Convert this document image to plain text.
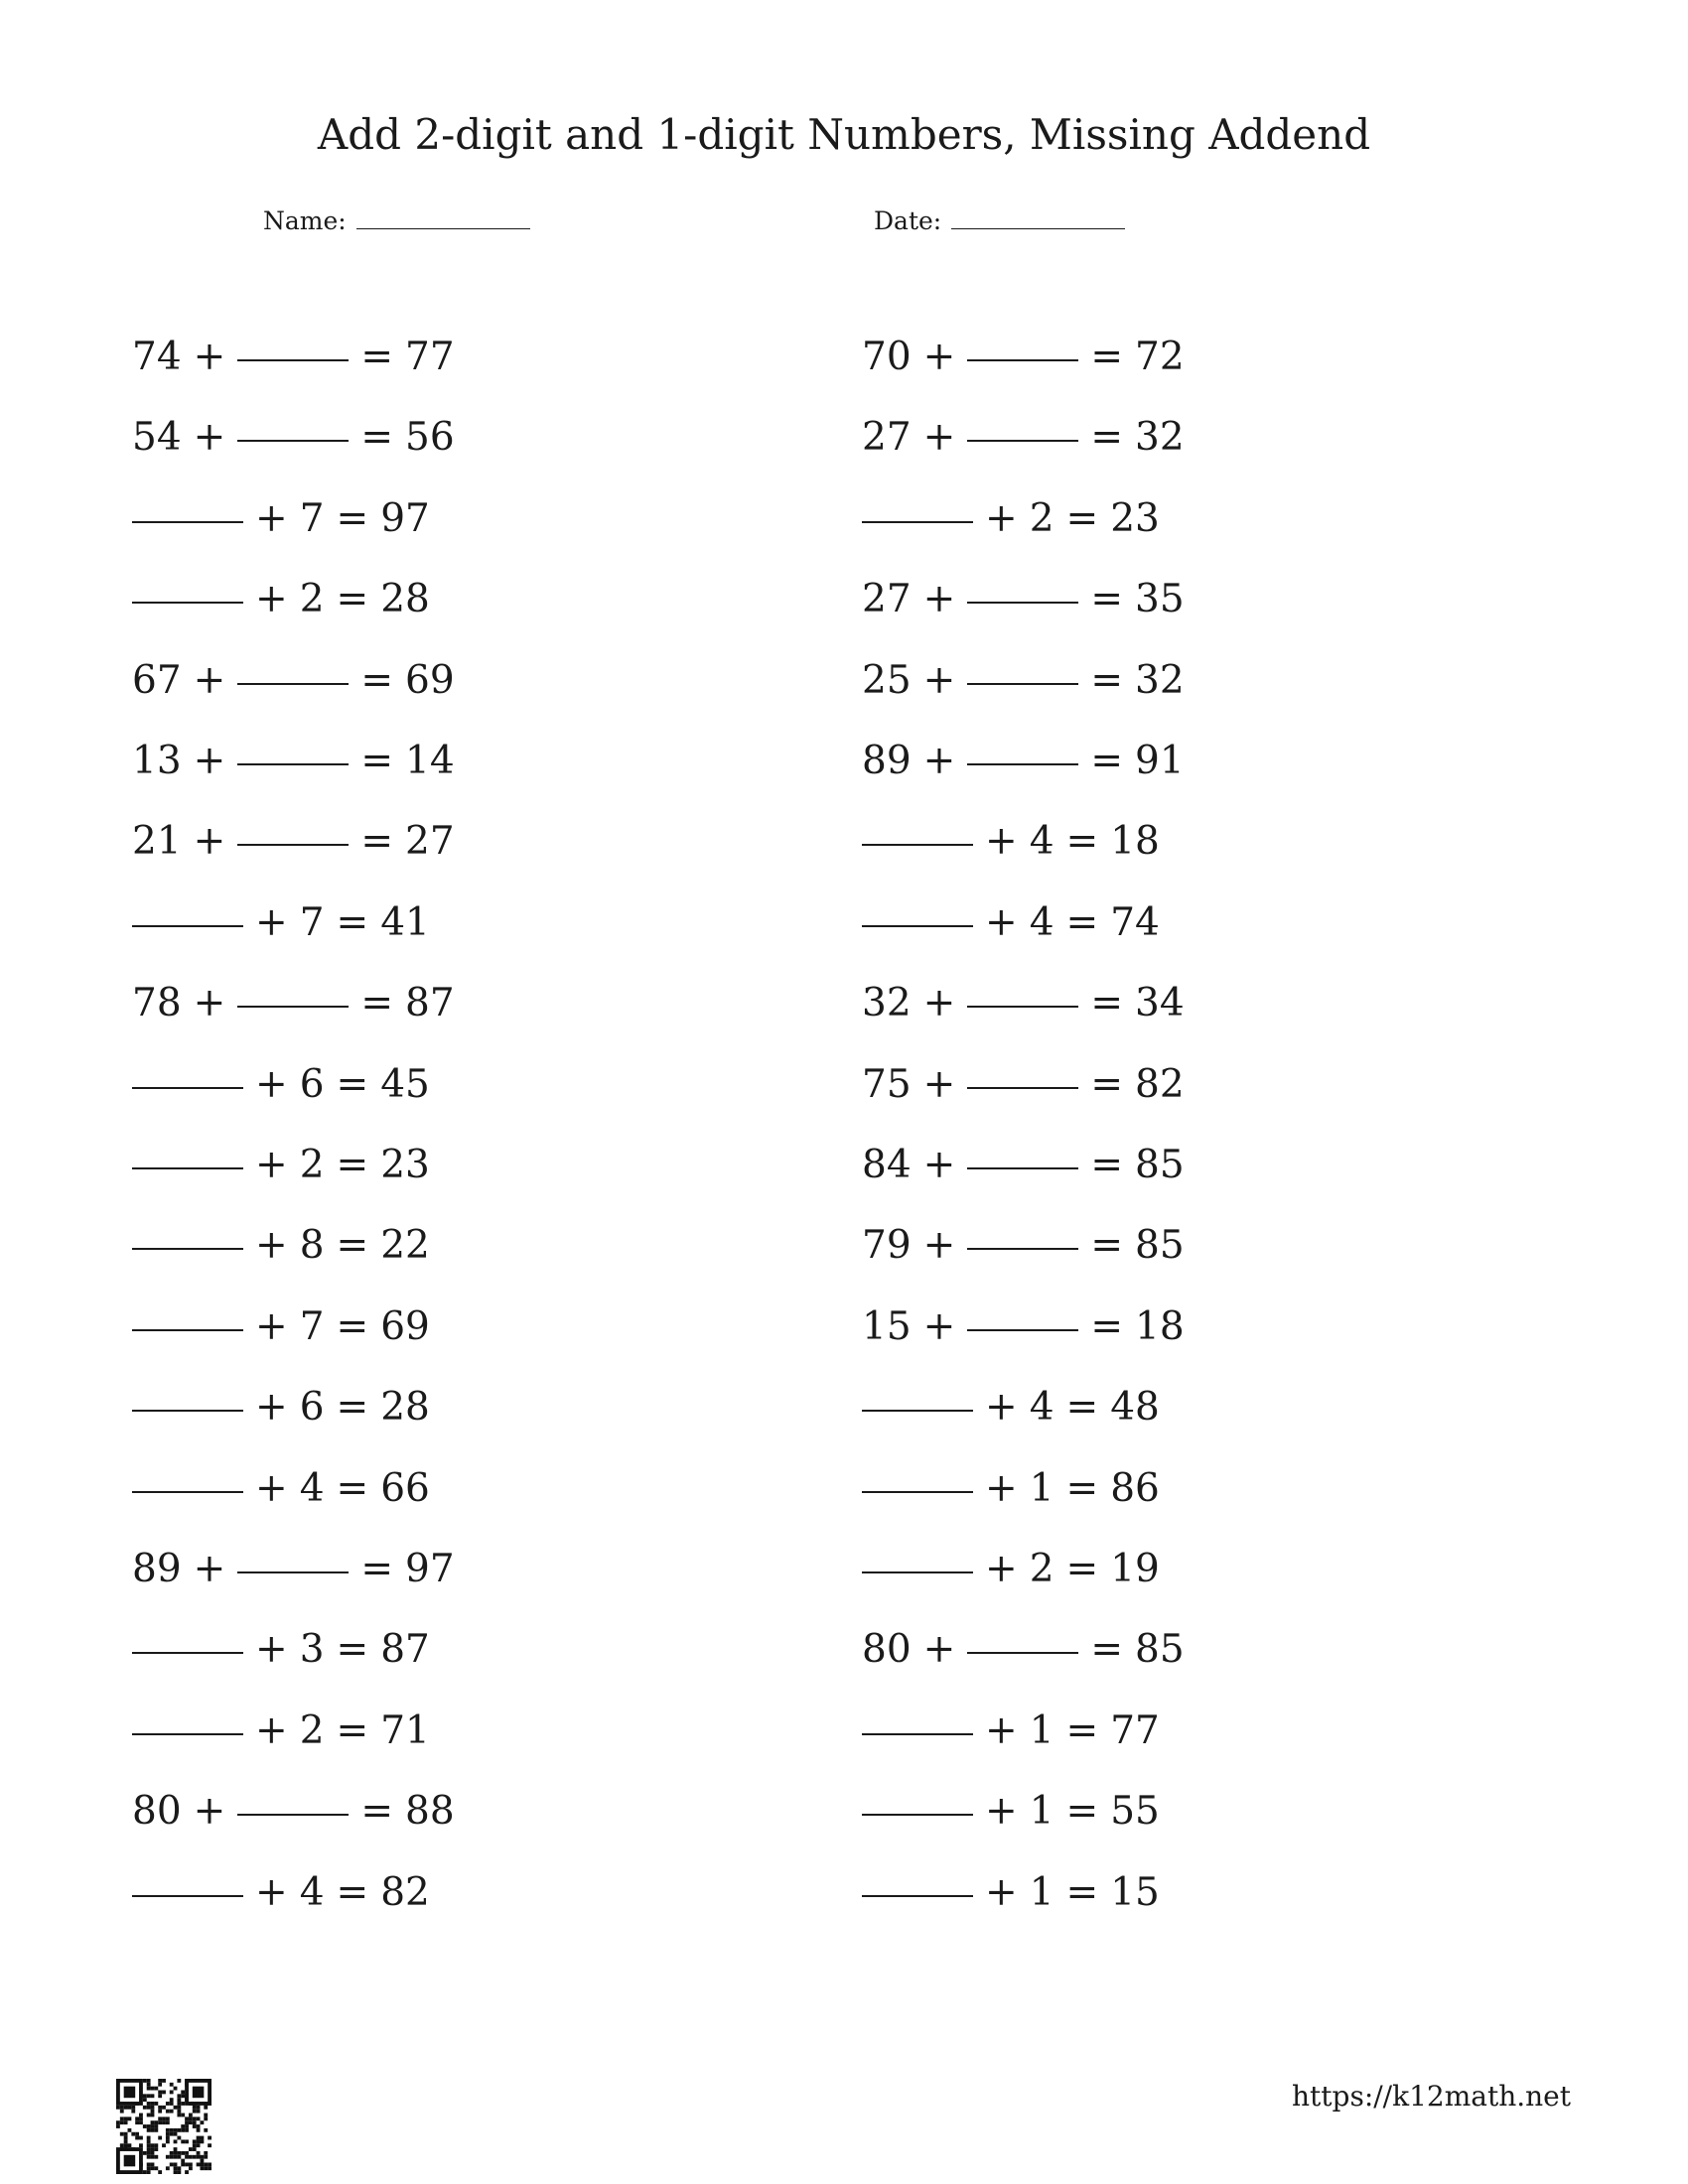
Add 2-digit and 1-digit Numbers, Missing Addend
Name:	Date:
74 +	= 77
54 +	= 56
+ 7 = 97
+ 2 = 28
67 +	= 69
13 +	= 14
21 +	= 27
+ 7 = 41
78 +	= 87
+ 6 = 45
+ 2 = 23
+ 8 = 22
+ 7 = 69
+ 6 = 28
+ 4 = 66
89 +	= 97
+ 3 = 87
+ 2 = 71
80 +	= 88
+ 4 = 82
70 +	= 72
27 +	= 32
+ 2 = 23
27 +	= 35
25 +	= 32
89 +	= 91
+ 4 = 18
+ 4 = 74
32 +	= 34
75 +	= 82
84 +	= 85
79 +	= 85
15 +	= 18
+ 4 = 48
+ 1 = 86
+ 2 = 19
80 +	= 85
+ 1 = 77
+ 1 = 55
+ 1 = 15
https://k12math.net
